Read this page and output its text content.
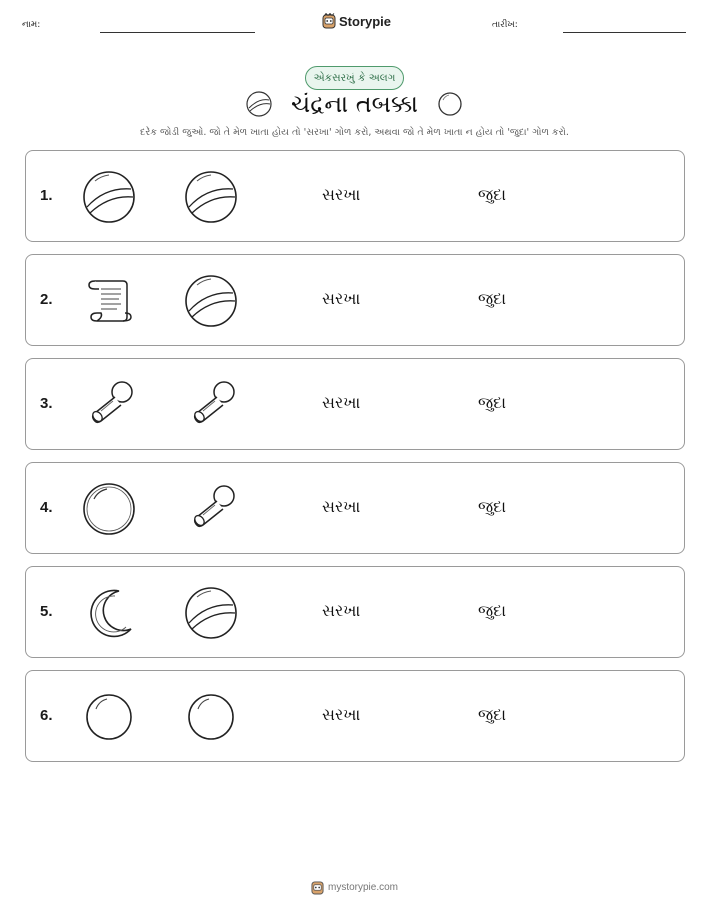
નામ:	Storypie	તારીખ:
એકસરખું કે અલગ
ચંદ્રના તબક્કા
દરેક જોડી જુઓ. જો તે મેળ ખાતા હોય તો 'સરખા' ગોળ કરો, અથવા જો તે મેળ ખાતા ન હોય તો 'જુદા' ગોળ કરો.
1.	સરખા	જુદા
2.	સરખા	જુદા
3.	સરખા	જુદા
4.	સરખા	જુદા
5.	સરખા	જુદા
6.	સરખા	જુદા
mystorypie.com
